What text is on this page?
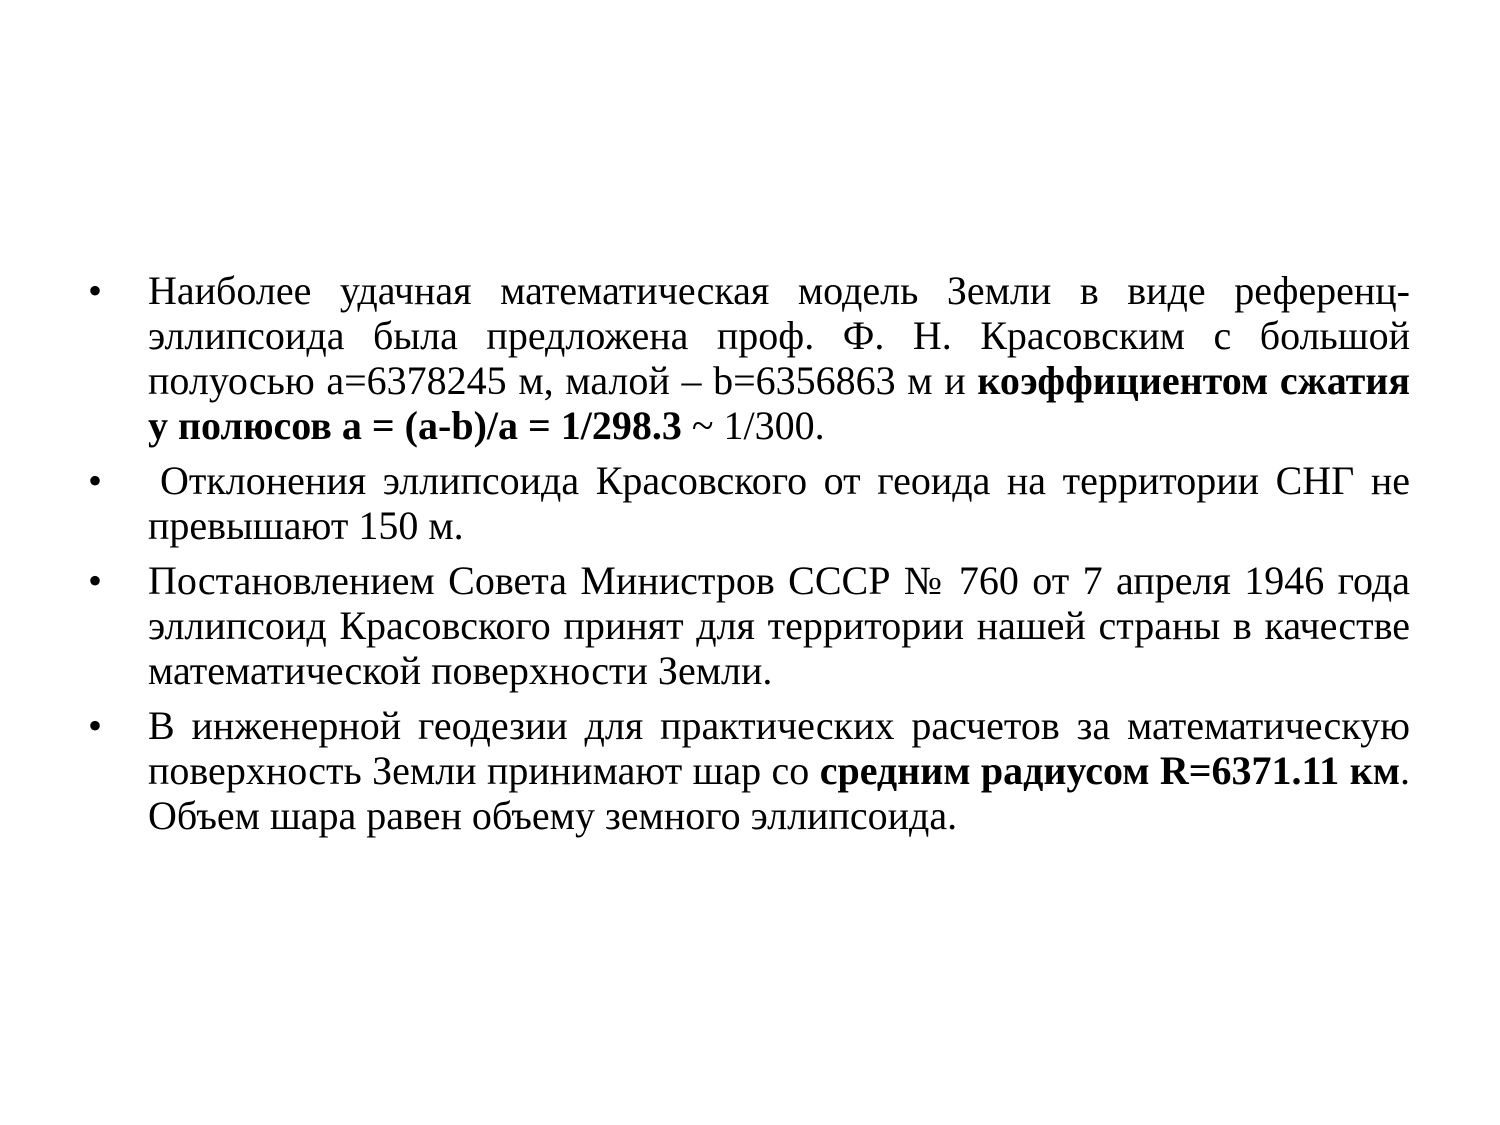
• Наиболее удачная математическая модель Земли в виде референц-эллипсоида была предложена проф. Ф. Н. Красовским с большой полуосью a=6378245 м, малой – b=6356863 м и коэффициентом сжатия у полюсов a = (a-b)/a = 1/298.3 ~ 1/300.
• Отклонения эллипсоида Красовского от геоида на территории СНГ не превышают 150 м.
• Постановлением Совета Министров СССР № 760 от 7 апреля 1946 года эллипсоид Красовского принят для территории нашей страны в качестве математической поверхности Земли.
• В инженерной геодезии для практических расчетов за математическую поверхность Земли принимают шар со средним радиусом R=6371.11 км. Объем шара равен объему земного эллипсоида.
